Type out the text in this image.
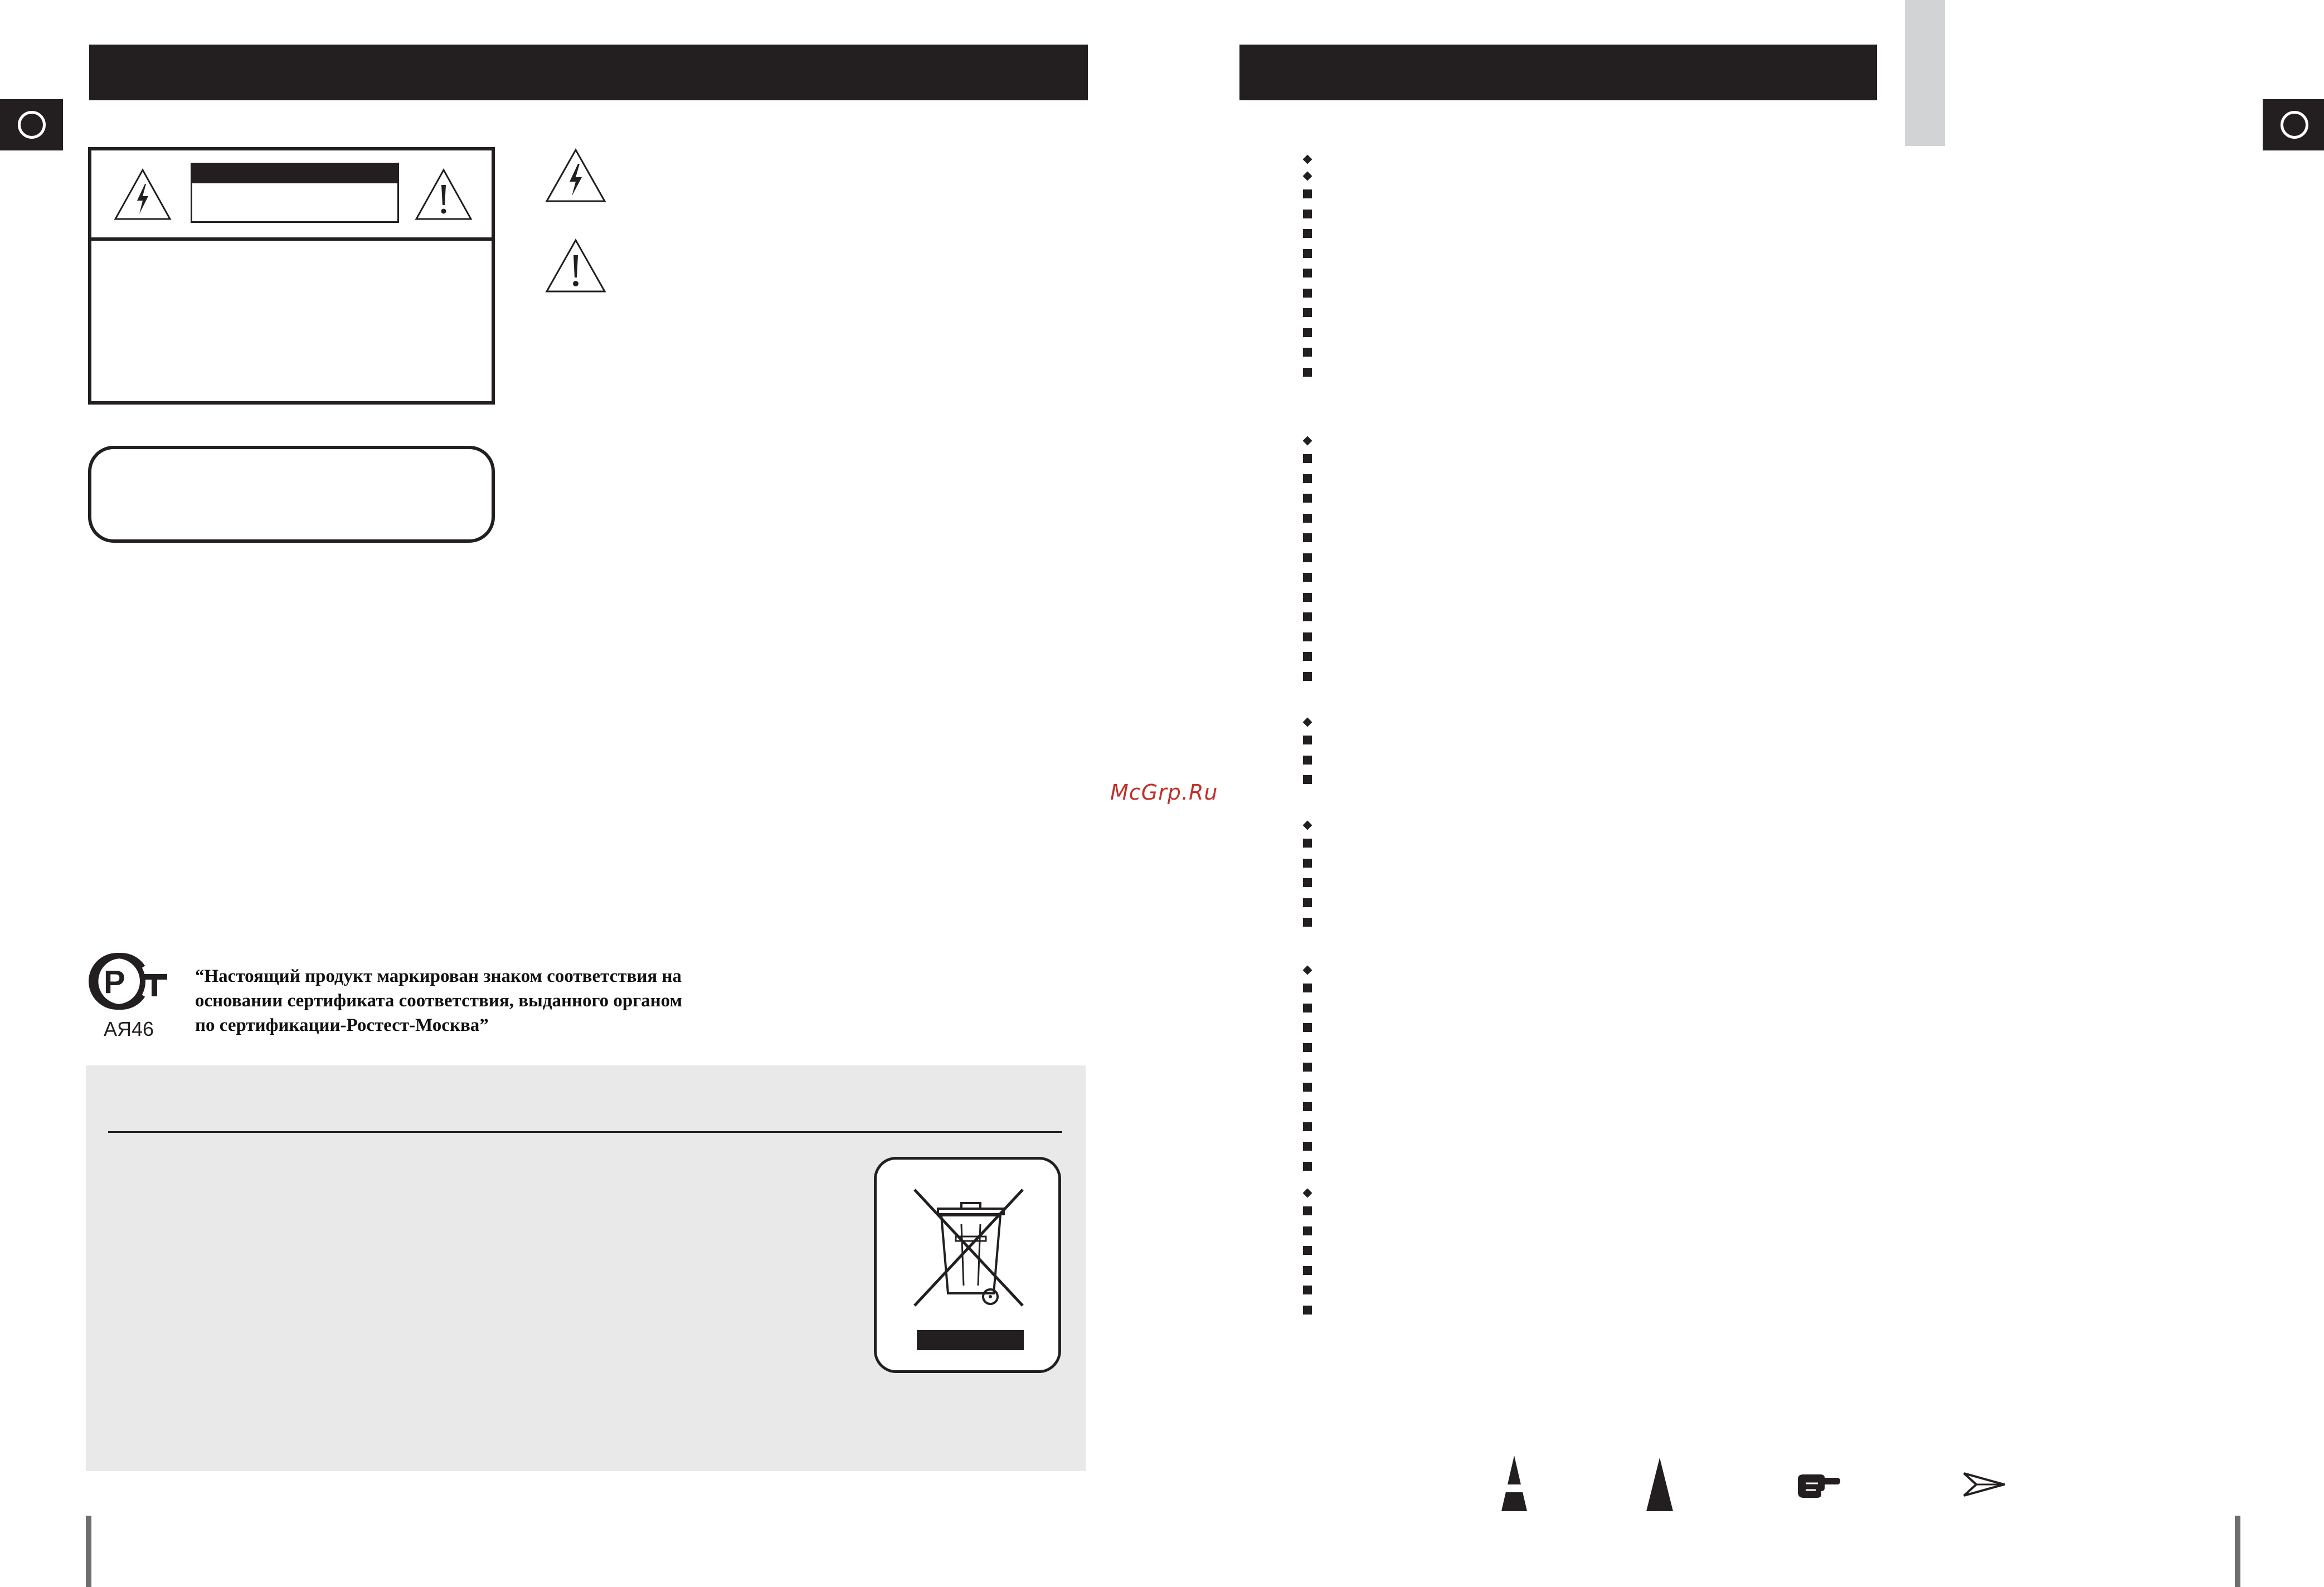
Р
АЯ46
“Настоящий продукт маркирован знаком соответствия на
основании сертификата соответствия, выданного органом
по сертификации-Ростест-Москва”
McGrp.Ru
